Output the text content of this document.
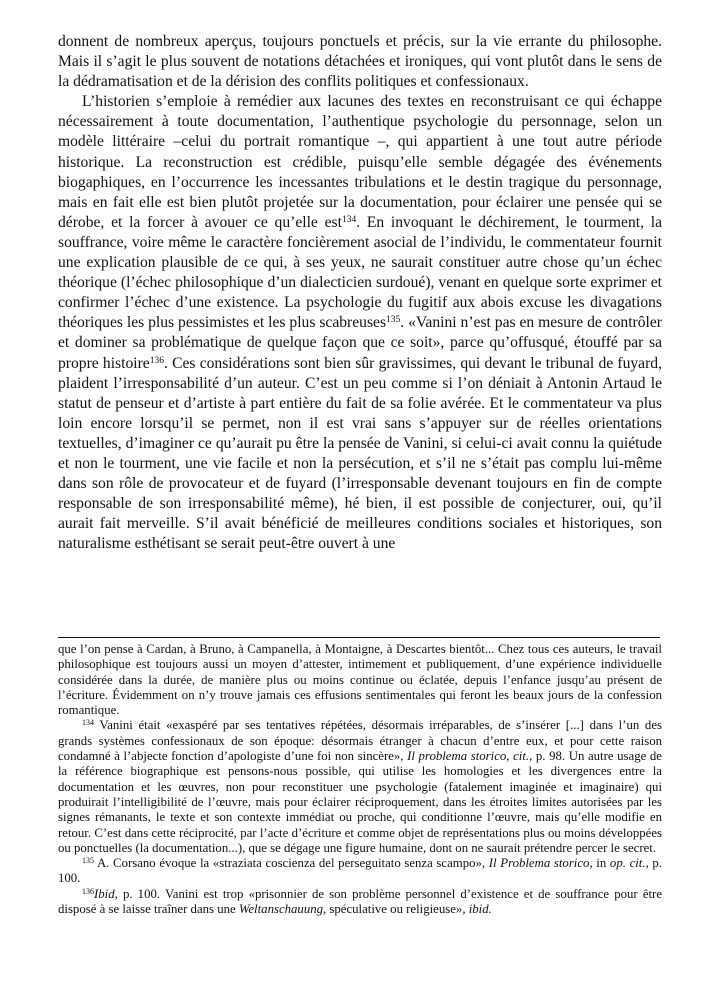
donnent de nombreux aperçus, toujours ponctuels et précis, sur la vie errante du philosophe. Mais il s’agit le plus souvent de notations détachées et ironiques, qui vont plutôt dans le sens de la dédramatisation et de la dérision des conflits politiques et confessionaux.

L’historien s’emploie à remédier aux lacunes des textes en reconstruisant ce qui échappe nécessairement à toute documentation, l’authentique psychologie du personnage, selon un modèle littéraire –celui du portrait romantique –, qui appartient à une tout autre période historique. La reconstruction est crédible, puisqu’elle semble dégagée des événements biogaphiques, en l’occurrence les incessantes tribulations et le destin tragique du personnage, mais en fait elle est bien plutôt projetée sur la documentation, pour éclairer une pensée qui se dérobe, et la forcer à avouer ce qu’elle est$^{134}$. En invoquant le déchirement, le tourment, la souffrance, voire même le caractère foncièrement asocial de l’individu, le commentateur fournit une explication plausible de ce qui, à ses yeux, ne saurait constituer autre chose qu’un échec théorique (l’échec philosophique d’un dialecticien surdoué), venant en quelque sorte exprimer et confirmer l’échec d’une existence. La psychologie du fugitif aux abois excuse les divagations théoriques les plus pessimistes et les plus scabreuses$^{135}$. «Vanini n’est pas en mesure de contrôler et dominer sa problématique de quelque façon que ce soit», parce qu’offusqué, étouffé par sa propre histoire$^{136}$. Ces considérations sont bien sûr gravissimes, qui devant le tribunal de fuyard, plaident l’irresponsabilité d’un auteur. C’est un peu comme si l’on déniait à Antonin Artaud le statut de penseur et d’artiste à part entière du fait de sa folie avérée. Et le commentateur va plus loin encore lorsqu’il se permet, non il est vrai sans s’appuyer sur de réelles orientations textuelles, d’imaginer ce qu’aurait pu être la pensée de Vanini, si celui-ci avait connu la quiétude et non le tourment, une vie facile et non la persécution, et s’il ne s’était pas complu lui-même dans son rôle de provocateur et de fuyard (l’irresponsable devenant toujours en fin de compte responsable de son irresponsabilité même), hé bien, il est possible de conjecturer, oui, qu’il aurait fait merveille. S’il avait bénéficié de meilleures conditions sociales et historiques, son naturalisme esthétisant se serait peut-être ouvert à une

que l’on pense à Cardan, à Bruno, à Campanella, à Montaigne, à Descartes bientôt... Chez tous ces auteurs, le travail philosophique est toujours aussi un moyen d’attester, intimement et publiquement, d’une expérience individuelle considérée dans la durée, de manière plus ou moins continue ou éclatée, depuis l’enfance jusqu’au présent de l’écriture. Évidemment on n’y trouve jamais ces effusions sentimentales qui feront les beaux jours de la confession romantique.

$^{134}$ Vanini était «exaspéré par ses tentatives répétées, désormais irréparables, de s’insérer [...] dans l’un des grands systèmes confessionaux de son époque: désormais étranger à chacun d’entre eux, et pour cette raison condamné à l’abjecte fonction d’apologiste d’une foi non sincère», Il problema storico, cit., p. 98. Un autre usage de la référence biographique est pensons-nous possible, qui utilise les homologies et les divergences entre la documentation et les œuvres, non pour reconstituer une psychologie (fatalement imaginée et imaginaire) qui produirait l’intelligibilité de l’œuvre, mais pour éclairer réciproquement, dans les étroites limites autorisées par les signes rémanants, le texte et son contexte immédiat ou proche, qui conditionne l’œuvre, mais qu’elle modifie en retour. C’est dans cette réciprocité, par l’acte d’écriture et comme objet de représentations plus ou moins développées ou ponctuelles (la documentation...), que se dégage une figure humaine, dont on ne saurait prétendre percer le secret.

$^{135}$ A. Corsano évoque la «straziata coscienza del perseguitato senza scampo», Il Problema storico, in op. cit., p. 100.

$^{136}$Ibid, p. 100. Vanini est trop «prisonnier de son problème personnel d’existence et de souffrance pour être disposé à se laisse traîner dans une Weltanschauung, spéculative ou religieuse», ibid.
